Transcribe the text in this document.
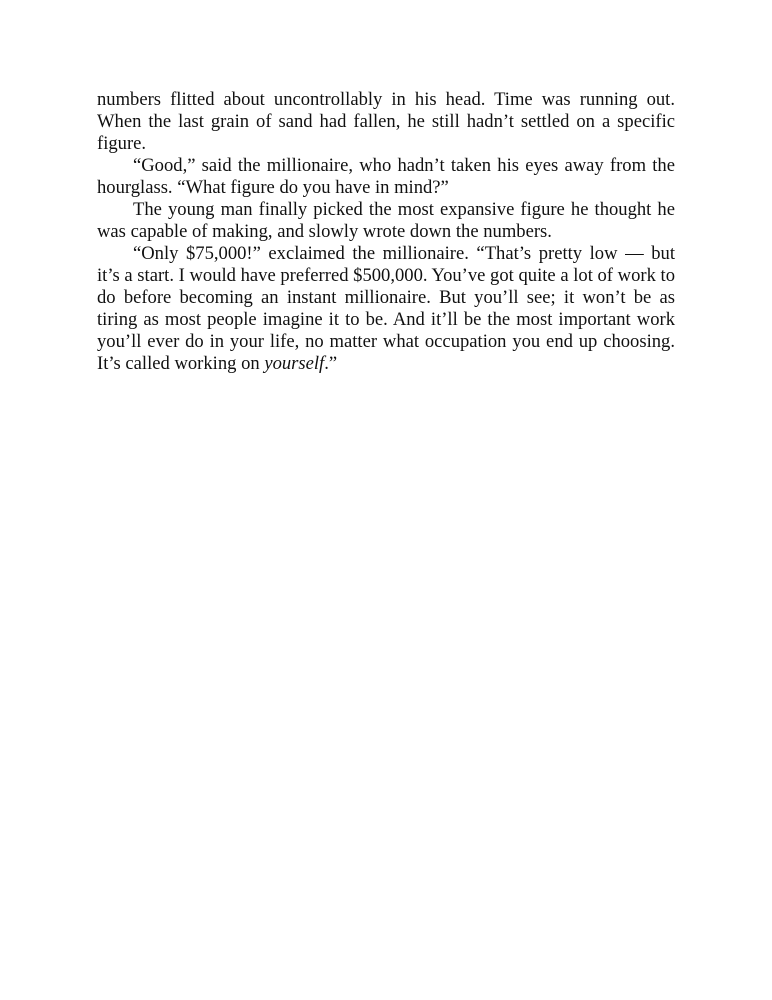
numbers flitted about uncontrollably in his head. Time was running out. When the last grain of sand had fallen, he still hadn’t settled on a specific figure.

“Good,” said the millionaire, who hadn’t taken his eyes away from the hourglass. “What figure do you have in mind?”

The young man finally picked the most expansive figure he thought he was capable of making, and slowly wrote down the numbers.

“Only $75,000!” exclaimed the millionaire. “That’s pretty low — but it’s a start. I would have preferred $500,000. You’ve got quite a lot of work to do before becoming an instant millionaire. But you’ll see; it won’t be as tiring as most people imagine it to be. And it’ll be the most important work you’ll ever do in your life, no matter what occupation you end up choosing. It’s called working on yourself.”
